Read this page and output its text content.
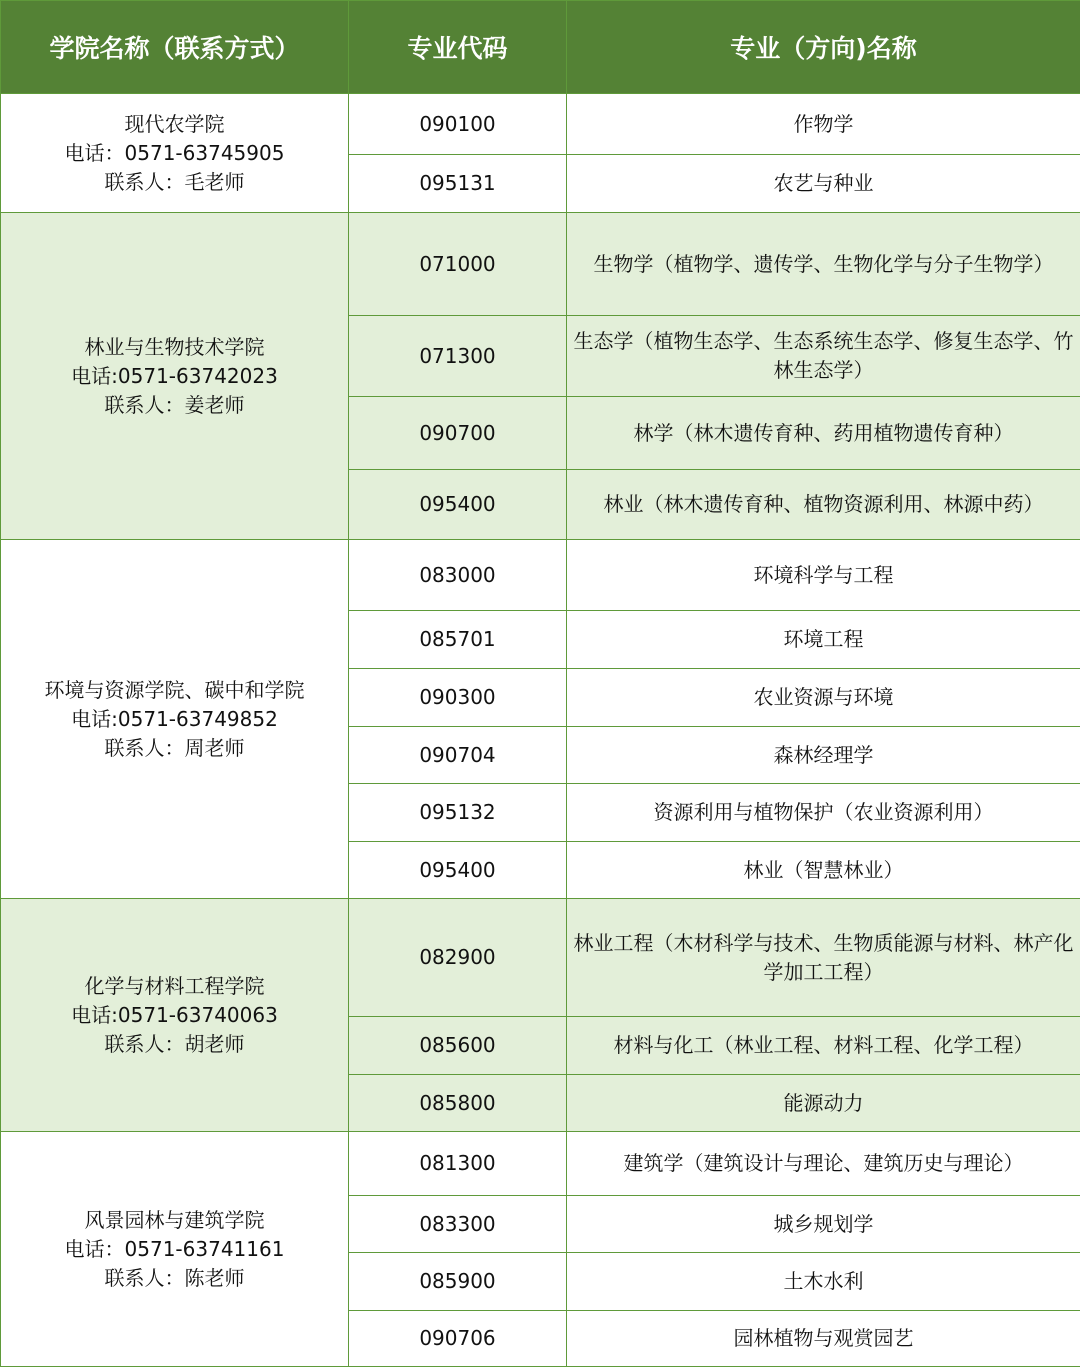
学院名称（联系方式）	专业代码	专业（方向)名称

现代农学院
电话：0571-63745905
联系人：毛老师	090100	作物学
	095131	农艺与种业

林业与生物技术学院
电话:0571-63742023
联系人：姜老师	071000	生物学（植物学、遗传学、生物化学与分子生物学）
	071300	生态学（植物生态学、生态系统生态学、修复生态学、竹林生态学）
	090700	林学（林木遗传育种、药用植物遗传育种）
	095400	林业（林木遗传育种、植物资源利用、林源中药）

环境与资源学院、碳中和学院
电话:0571-63749852
联系人：周老师	083000	环境科学与工程
	085701	环境工程
	090300	农业资源与环境
	090704	森林经理学
	095132	资源利用与植物保护（农业资源利用）
	095400	林业（智慧林业）

化学与材料工程学院
电话:0571-63740063
联系人：胡老师	082900	林业工程（木材科学与技术、生物质能源与材料、林产化学加工工程）
	085600	材料与化工（林业工程、材料工程、化学工程）
	085800	能源动力

风景园林与建筑学院
电话：0571-63741161
联系人：陈老师	081300	建筑学（建筑设计与理论、建筑历史与理论）
	083300	城乡规划学
	085900	土木水利
	090706	园林植物与观赏园艺
